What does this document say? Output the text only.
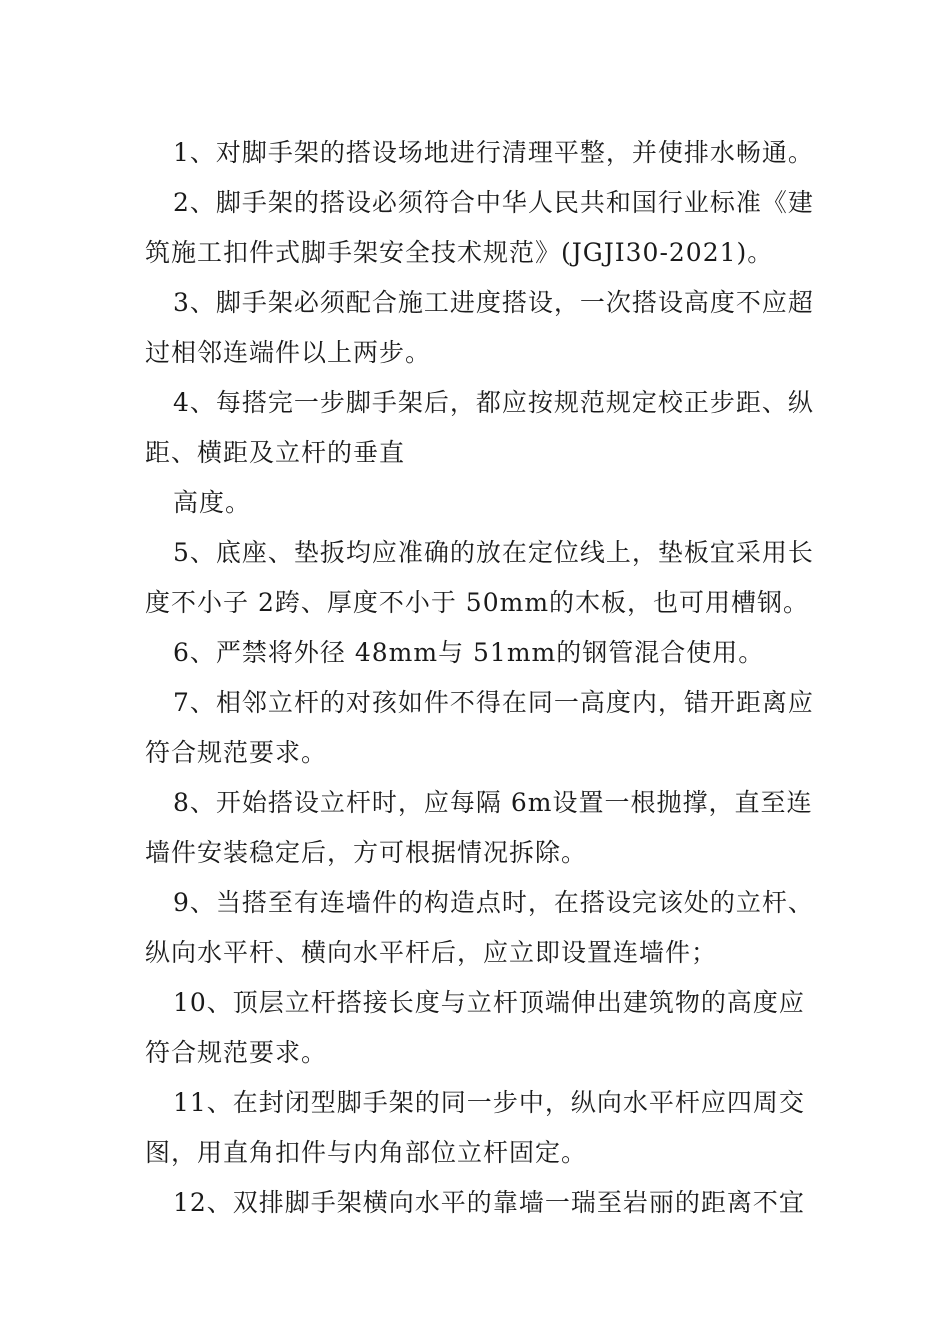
1、对脚手架的搭设场地进行清理平整，并使排水畅通。

2、脚手架的搭设必须符合中华人民共和国行业标准《建筑施工扣件式脚手架安全技术规范》(JGJI30-2021)。

3、脚手架必须配合施工进度搭设，一次搭设高度不应超过相邻连端件以上两步。

4、每搭完一步脚手架后，都应按规范规定校正步距、纵距、横距及立杆的垂直

高度。

5、底座、垫扳均应准确的放在定位线上，垫板宜采用长度不小子 2跨、厚度不小于 50mm的木板，也可用槽钢。

6、严禁将外径 48mm与 51mm的钢管混合使用。

7、相邻立杆的对孩如件不得在同一高度内，错开距离应符合规范要求。

8、开始搭设立杆时，应每隔 6m设置一根抛撑，直至连墙件安装稳定后，方可根据情况拆除。

9、当搭至有连墙件的构造点时，在搭设完该处的立杆、纵向水平杆、横向水平杆后，应立即设置连墙件；

10、顶层立杆搭接长度与立杆顶端伸出建筑物的高度应符合规范要求。

11、在封闭型脚手架的同一步中，纵向水平杆应四周交图，用直角扣件与内角部位立杆固定。

12、双排脚手架横向水平的靠墙一瑞至岩丽的距离不宜
